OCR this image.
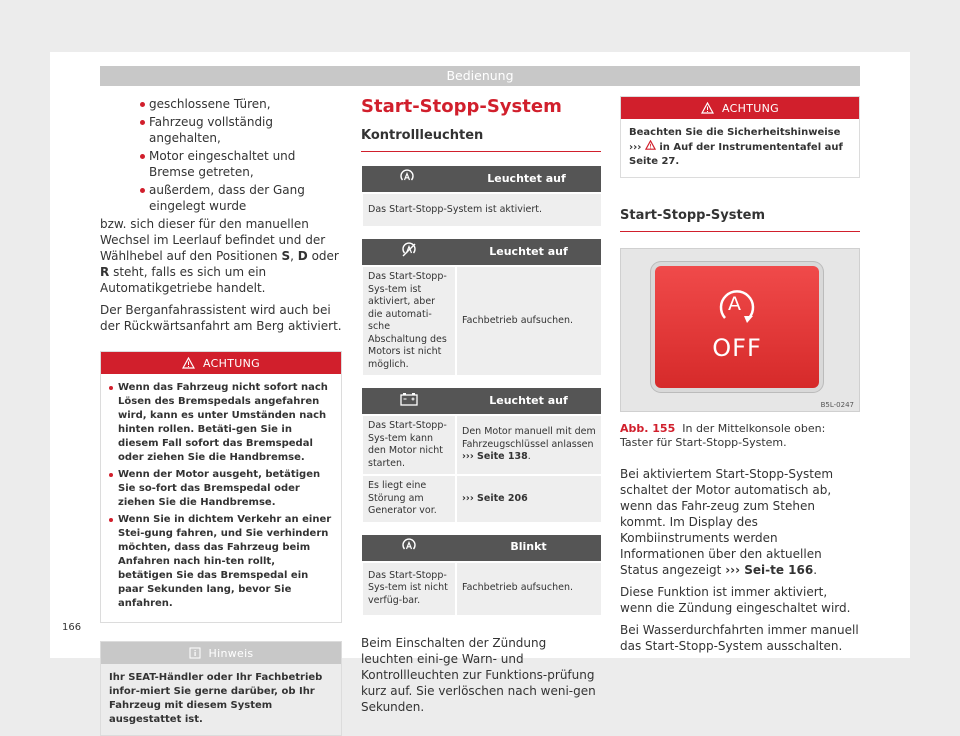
Bedienung
geschlossene Türen,
Fahrzeug vollständig angehalten,
Motor eingeschaltet und Bremse getreten,
außerdem, dass der Gang eingelegt wurde

bzw. sich dieser für den manuellen Wechsel im Leerlauf befindet und der Wählhebel auf den Positionen S, D oder R steht, falls es sich um ein Automatikgetriebe handelt.

Der Berganfahrassistent wird auch bei der Rückwärtsanfahrt am Berg aktiviert.

ACHTUNG
Wenn das Fahrzeug nicht sofort nach Lösen des Bremspedals angefahren wird, kann es unter Umständen nach hinten rollen. Betäti-gen Sie in diesem Fall sofort das Bremspedal oder ziehen Sie die Handbremse.
Wenn der Motor ausgeht, betätigen Sie so-fort das Bremspedal oder ziehen Sie die Handbremse.
Wenn Sie in dichtem Verkehr an einer Stei-gung fahren, und Sie verhindern möchten, dass das Fahrzeug beim Anfahren nach hin-ten rollt, betätigen Sie das Bremspedal ein paar Sekunden lang, bevor Sie anfahren.
Hinweis
Ihr SEAT-Händler oder Ihr Fachbetrieb infor-miert Sie gerne darüber, ob Ihr Fahrzeug mit diesem System ausgestattet ist.
Start-Stopp-System
Kontrollleuchten
	Leuchtet auf
Das Start-Stopp-System ist aktiviert.
	Leuchtet auf
Das Start-Stopp-Sys-tem ist aktiviert, aber die automati-sche Abschaltung des Motors ist nicht möglich.	Fachbetrieb aufsuchen.
	Leuchtet auf
Das Start-Stopp-Sys-tem kann den Motor nicht starten.	Den Motor manuell mit dem Fahrzeugschlüssel anlassen
››› Seite 138.
Es liegt eine Störung am Generator vor.	››› Seite 206
	Blinkt
Das Start-Stopp-Sys-tem ist nicht verfüg-bar.	Fachbetrieb aufsuchen.

Beim Einschalten der Zündung leuchten eini-ge Warn- und Kontrollleuchten zur Funktions-prüfung kurz auf. Sie verlöschen nach weni-gen Sekunden.

ACHTUNG
Beachten Sie die Sicherheitshinweise ››› in Auf der Instrumententafel auf Seite 27.
Start-Stopp-System
A
OFF
B5L-0247
Abb. 155 In der Mittelkonsole oben: Taster für Start-Stopp-System.

Bei aktiviertem Start-Stopp-System schaltet der Motor automatisch ab, wenn das Fahr-zeug zum Stehen kommt. Im Display des Kombiinstruments werden Informationen über den aktuellen Status angezeigt ››› Sei-te 166.

Diese Funktion ist immer aktiviert, wenn die Zündung eingeschaltet wird.

Bei Wasserdurchfahrten immer manuell das Start-Stopp-System ausschalten.

166
